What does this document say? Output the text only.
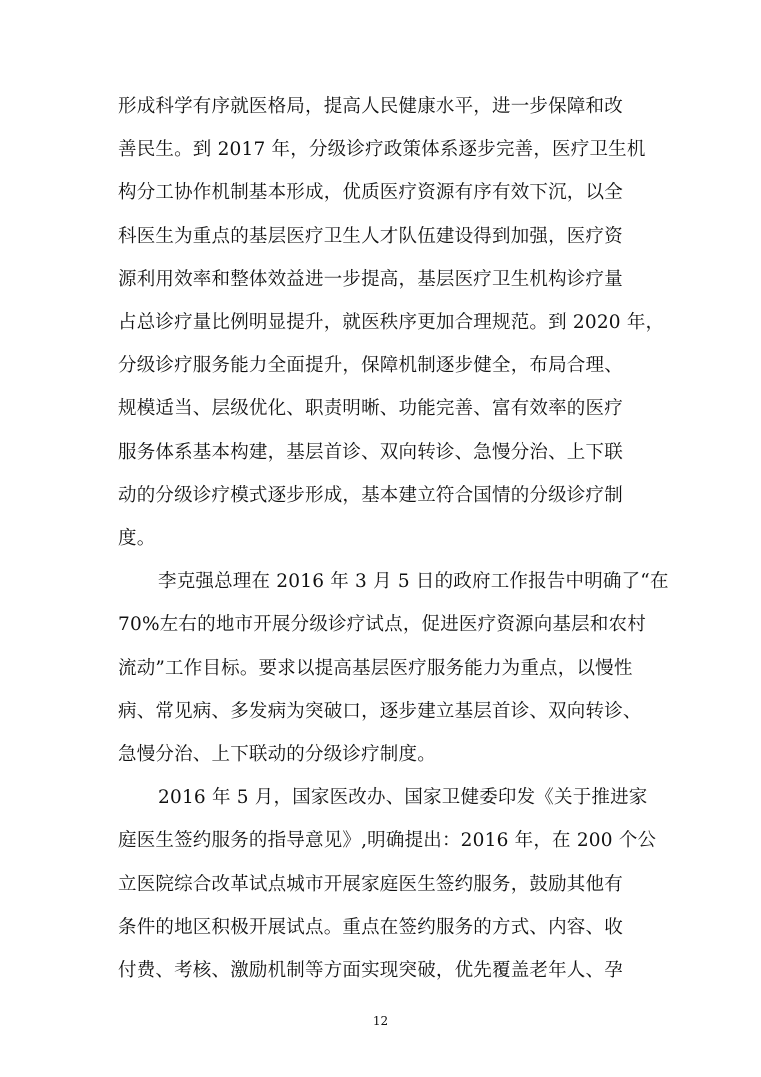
形成科学有序就医格局，提高人民健康水平，进一步保障和改
善民生。到 2017 年，分级诊疗政策体系逐步完善，医疗卫生机
构分工协作机制基本形成，优质医疗资源有序有效下沉，以全
科医生为重点的基层医疗卫生人才队伍建设得到加强，医疗资
源利用效率和整体效益进一步提高，基层医疗卫生机构诊疗量
占总诊疗量比例明显提升，就医秩序更加合理规范。到 2020 年，
分级诊疗服务能力全面提升，保障机制逐步健全，布局合理、
规模适当、层级优化、职责明晰、功能完善、富有效率的医疗
服务体系基本构建，基层首诊、双向转诊、急慢分治、上下联
动的分级诊疗模式逐步形成，基本建立符合国情的分级诊疗制
度。
李克强总理在 2016 年 3 月 5 日的政府工作报告中明确了“在
70%左右的地市开展分级诊疗试点，促进医疗资源向基层和农村
流动”工作目标。要求以提高基层医疗服务能力为重点，以慢性
病、常见病、多发病为突破口，逐步建立基层首诊、双向转诊、
急慢分治、上下联动的分级诊疗制度。
2016 年 5 月，国家医改办、国家卫健委印发《关于推进家
庭医生签约服务的指导意见》,明确提出：2016 年，在 200 个公
立医院综合改革试点城市开展家庭医生签约服务，鼓励其他有
条件的地区积极开展试点。重点在签约服务的方式、内容、收
付费、考核、激励机制等方面实现突破，优先覆盖老年人、孕
12
